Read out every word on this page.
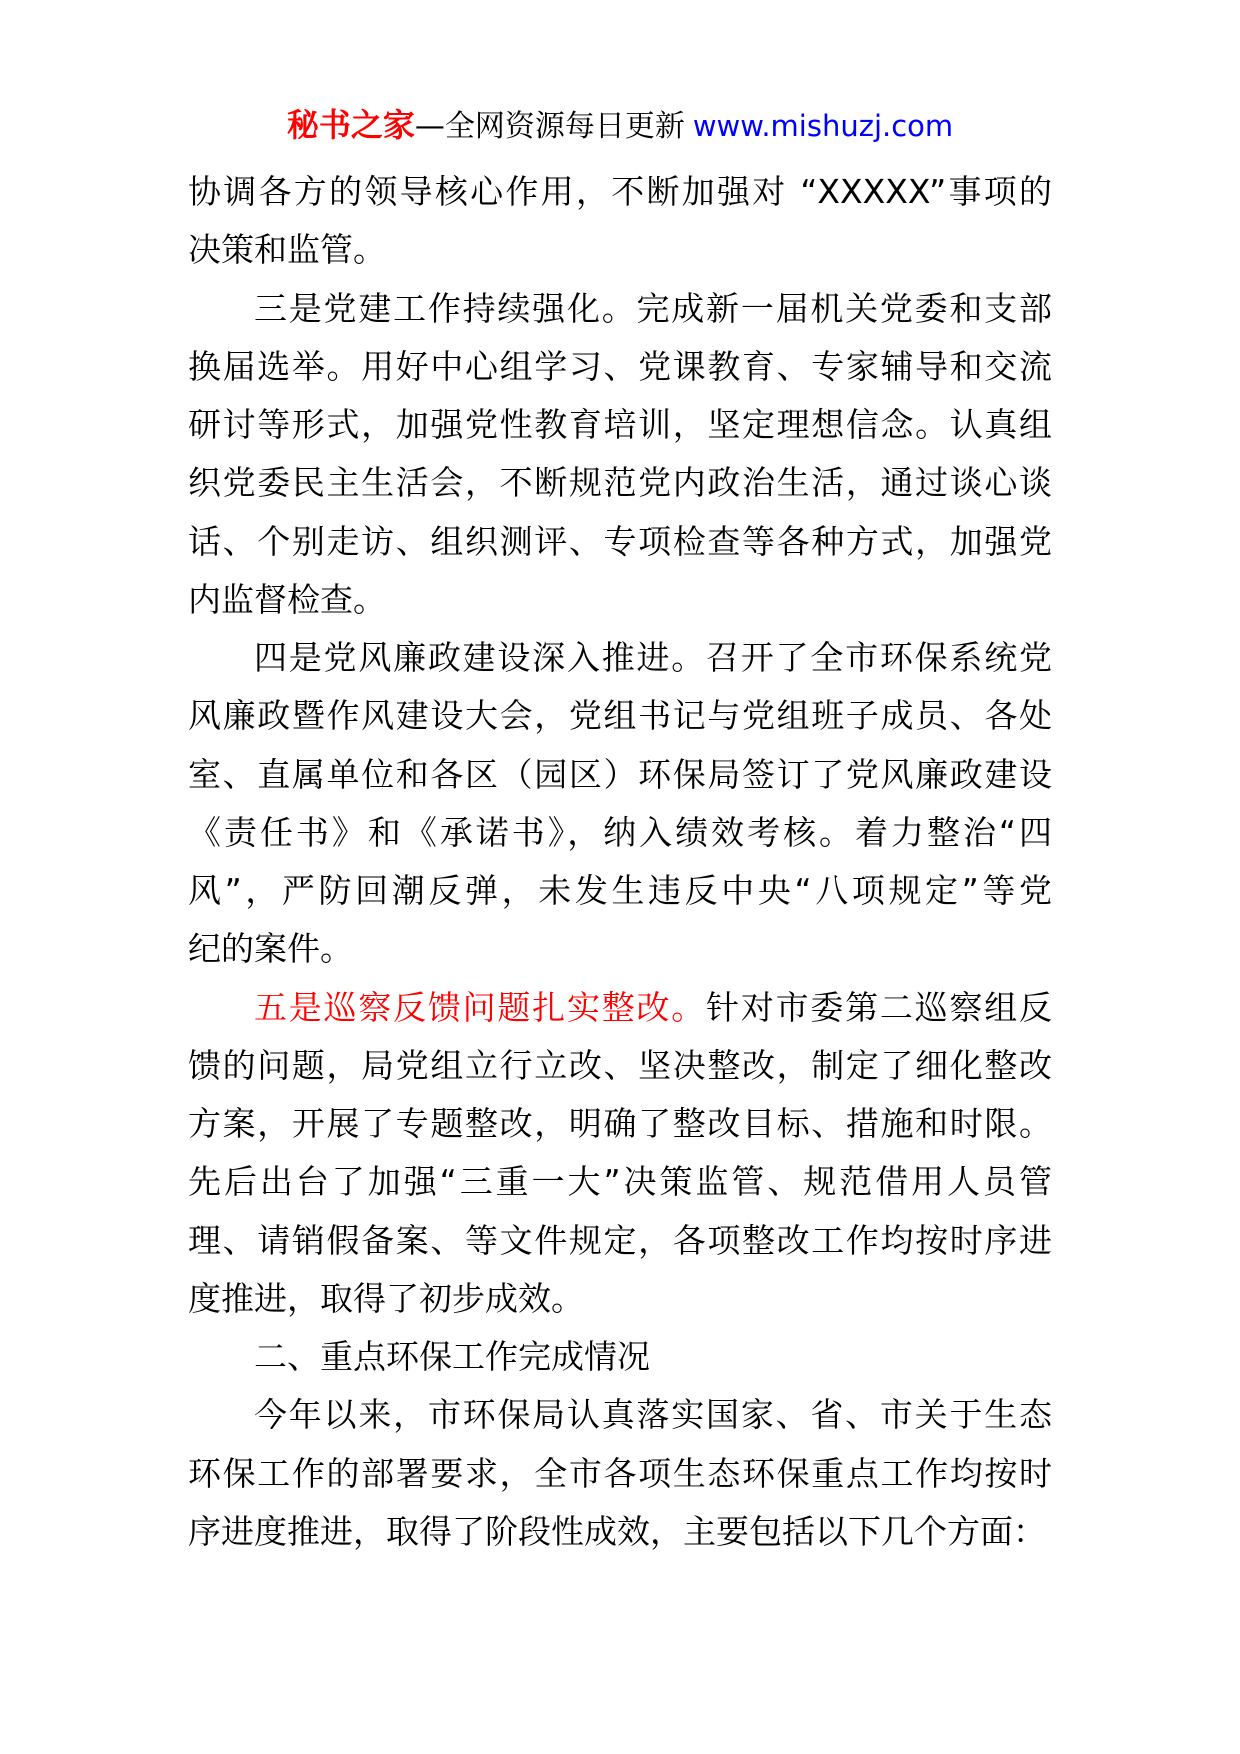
秘书之家—全网资源每日更新 www.mishuzj.com
协调各方的领导核心作用，不断加强对 “XXXXX”事项的
决策和监管。
三是党建工作持续强化。完成新一届机关党委和支部
换届选举。用好中心组学习、党课教育、专家辅导和交流
研讨等形式，加强党性教育培训，坚定理想信念。认真组
织党委民主生活会，不断规范党内政治生活，通过谈心谈
话、个别走访、组织测评、专项检查等各种方式，加强党
内监督检查。
四是党风廉政建设深入推进。召开了全市环保系统党
风廉政暨作风建设大会，党组书记与党组班子成员、各处
室、直属单位和各区（园区）环保局签订了党风廉政建设
《责任书》和《承诺书》，纳入绩效考核。着力整治“四
风”，严防回潮反弹，未发生违反中央“八项规定”等党
纪的案件。
五是巡察反馈问题扎实整改。针对市委第二巡察组反
馈的问题，局党组立行立改、坚决整改，制定了细化整改
方案，开展了专题整改，明确了整改目标、措施和时限。
先后出台了加强“三重一大”决策监管、规范借用人员管
理、请销假备案、等文件规定，各项整改工作均按时序进
度推进，取得了初步成效。
二、重点环保工作完成情况
今年以来，市环保局认真落实国家、省、市关于生态
环保工作的部署要求，全市各项生态环保重点工作均按时
序进度推进，取得了阶段性成效，主要包括以下几个方面：
